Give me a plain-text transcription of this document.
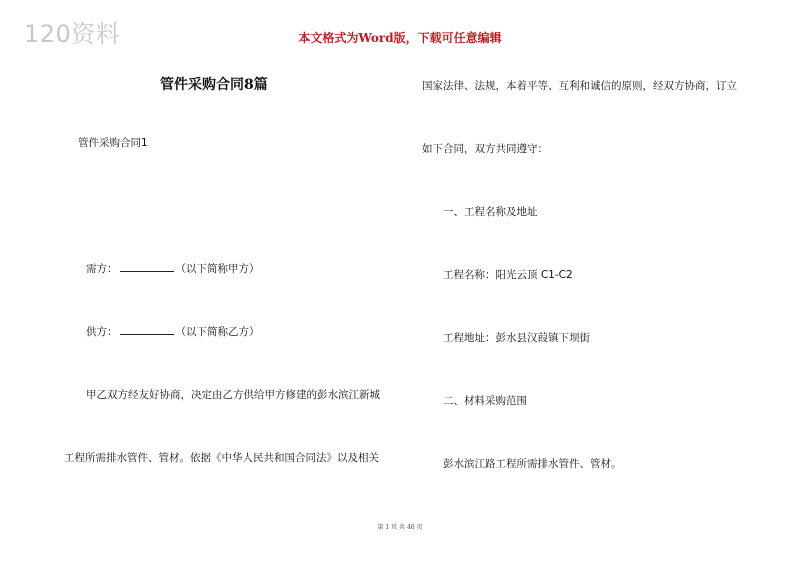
120资料	本文格式为Word版，下载可任意编辑
管件采购合同8篇
管件采购合同1
需方：	（以下简称甲方）
供方：	（以下简称乙方）
甲乙双方经友好协商，决定由乙方供给甲方修建的彭水滨江新城
工程所需排水管件、管材。依据《中华人民共和国合同法》以及相关
国家法律、法规，本着平等、互利和诚信的原则，经双方协商，订立
如下合同，双方共同遵守：
一、工程名称及地址
工程名称：阳光云顶 C1-C2
工程地址：彭水县汉葭镇下坝街
二、材料采购范围
彭水滨江路工程所需排水管件、管材。
第 1 页 共 46 页
